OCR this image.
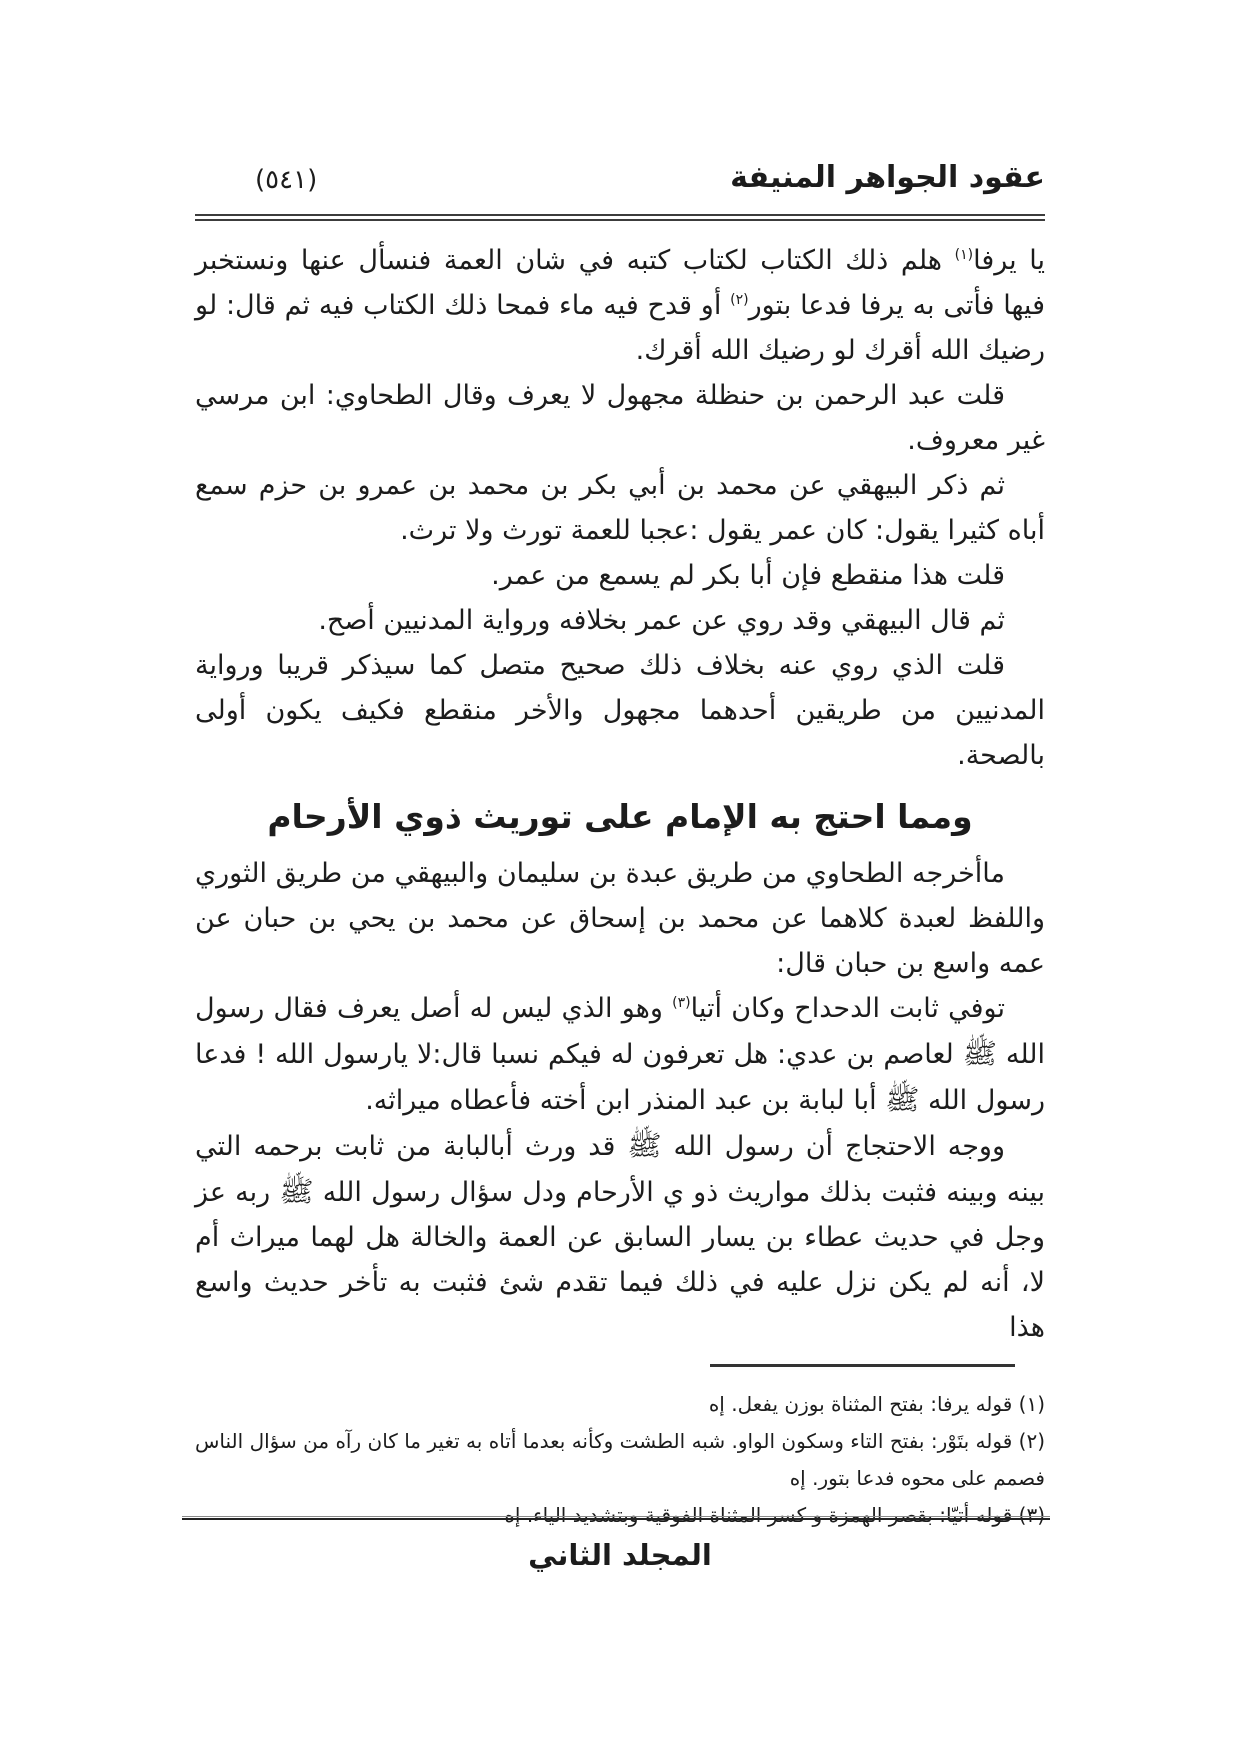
عقود الجواهر المنيفة
(٥٤١)

يا يرفا$^{(١)}$ هلم ذلك الكتاب لكتاب كتبه في شان العمة فنسأل عنها ونستخبر فيها فأتى به يرفا فدعا بتور$^{(٢)}$ أو قدح فيه ماء فمحا ذلك الكتاب فيه ثم قال: لو رضيك الله أقرك لو رضيك الله أقرك.

قلت عبد الرحمن بن حنظلة مجهول لا يعرف وقال الطحاوي: ابن مرسي غير معروف.

ثم ذكر البيهقي عن محمد بن أبي بكر بن محمد بن عمرو بن حزم سمع أباه كثيرا يقول: كان عمر يقول :عجبا للعمة تورث ولا ترث.

قلت هذا منقطع فإن أبا بكر لم يسمع من عمر.

ثم قال البيهقي وقد روي عن عمر بخلافه ورواية المدنيين أصح.

قلت الذي روي عنه بخلاف ذلك صحيح متصل كما سيذكر قريبا ورواية المدنيين من طريقين أحدهما مجهول والأخر منقطع فكيف يكون أولى بالصحة.

ومما احتج به الإمام على توريث ذوي الأرحام

ماأخرجه الطحاوي من طريق عبدة بن سليمان والبيهقي من طريق الثوري واللفظ لعبدة كلاهما عن محمد بن إسحاق عن محمد بن يحي بن حبان عن عمه واسع بن حبان قال:

توفي ثابت الدحداح وكان أتيا$^{(٣)}$ وهو الذي ليس له أصل يعرف فقال رسول الله ﷺ لعاصم بن عدي: هل تعرفون له فيكم نسبا قال:لا يارسول الله ! فدعا رسول الله ﷺ أبا لبابة بن عبد المنذر ابن أخته فأعطاه ميراثه.

ووجه الاحتجاج أن رسول الله ﷺ قد ورث أبالبابة من ثابت برحمه التي بينه وبينه فثبت بذلك مواريث ذو ي الأرحام ودل سؤال رسول الله ﷺ ربه عز وجل في حديث عطاء بن يسار السابق عن العمة والخالة هل لهما ميراث أم لا، أنه لم يكن نزل عليه في ذلك فيما تقدم شئ فثبت به تأخر حديث واسع هذا

(١) قوله يرفا: بفتح المثناة بوزن يفعل. إه

(٢) قوله بتَوْر: بفتح التاء وسكون الواو. شبه الطشت وكأنه بعدما أتاه به تغير ما كان رآه من سؤال الناس فصمم على محوه فدعا بتور. إه

(٣) قوله أتيّا: بقصر الهمزة و كسر المثناة الفوقية وبتشديد الياء. إه

المجلد الثاني
